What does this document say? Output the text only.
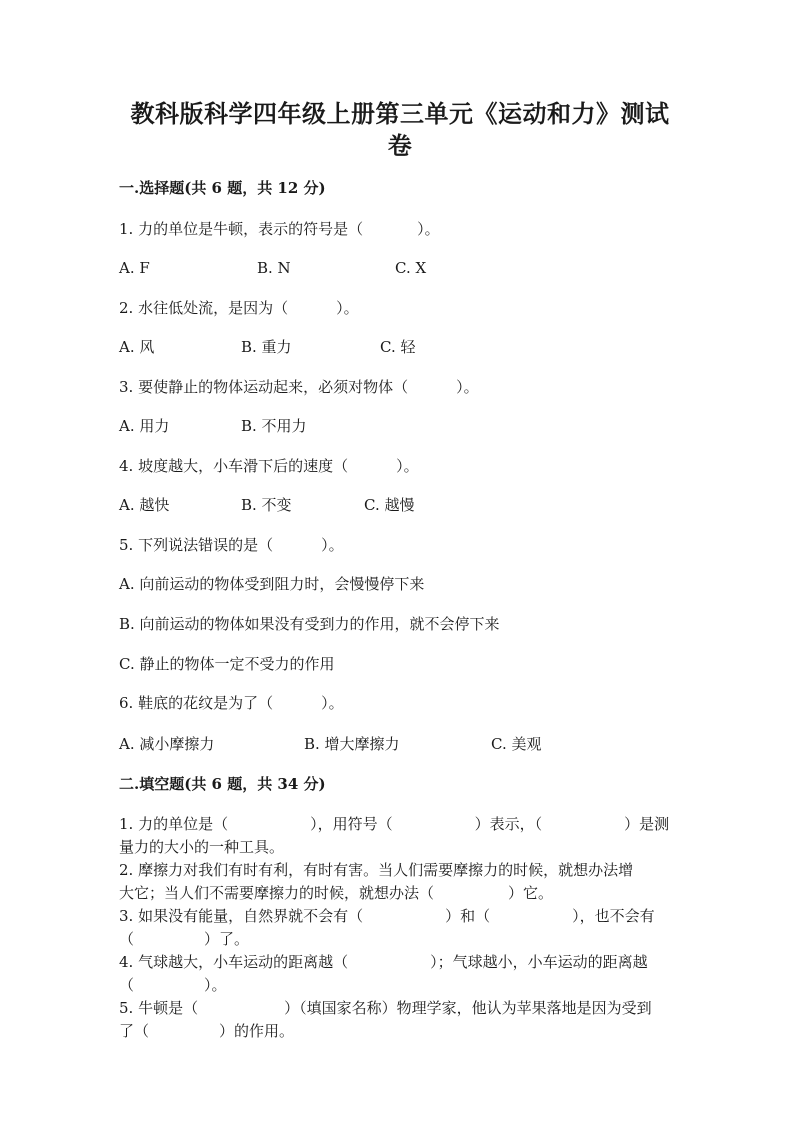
教科版科学四年级上册第三单元《运动和力》测试
卷
一.选择题(共 6 题，共 12 分)
1. 力的单位是牛顿，表示的符号是（	）。
A. F	B. N	C. X
2. 水往低处流，是因为（	）。
A. 风	B. 重力	C. 轻
3. 要使静止的物体运动起来，必须对物体（	）。
A. 用力	B. 不用力
4. 坡度越大，小车滑下后的速度（	）。
A. 越快	B. 不变	C. 越慢
5. 下列说法错误的是（	）。
A. 向前运动的物体受到阻力时，会慢慢停下来
B. 向前运动的物体如果没有受到力的作用，就不会停下来
C. 静止的物体一定不受力的作用
6. 鞋底的花纹是为了（	）。
A. 减小摩擦力	B. 增大摩擦力	C. 美观
二.填空题(共 6 题，共 34 分)
1. 力的单位是（	），用符号（	）表示，（	）是测
量力的大小的一种工具。
2. 摩擦力对我们有时有利，有时有害。当人们需要摩擦力的时候，就想办法增
大它；当人们不需要摩擦力的时候，就想办法（	）它。
3. 如果没有能量，自然界就不会有（	）和（	），也不会有
（	）了。
4. 气球越大，小车运动的距离越（	）；气球越小，小车运动的距离越
（	）。
5. 牛顿是（	）（填国家名称）物理学家，他认为苹果落地是因为受到
了（	）的作用。
